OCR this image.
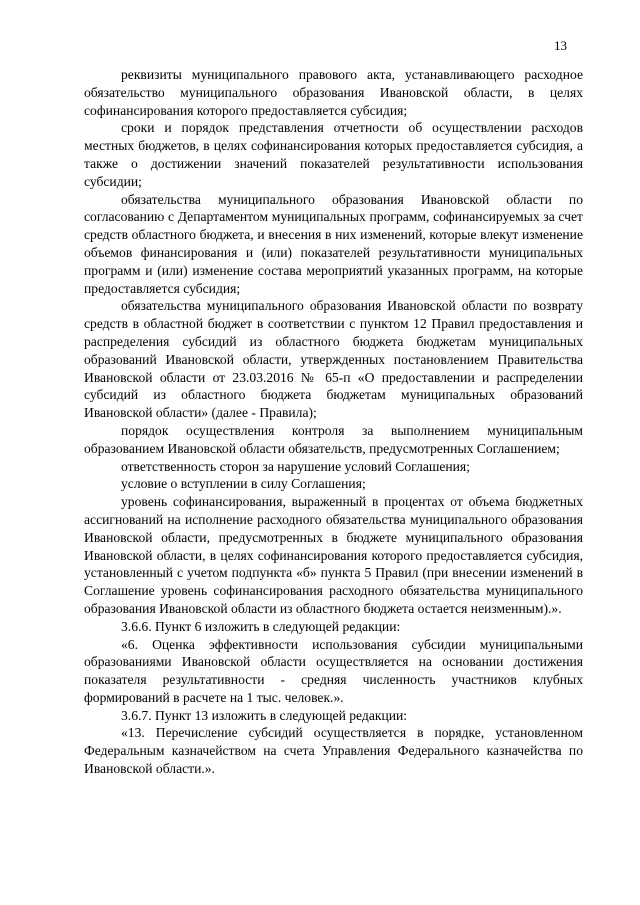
13

реквизиты муниципального правового акта, устанавливающего расходное обязательство муниципального образования Ивановской области, в целях софинансирования которого предоставляется субсидия;

сроки и порядок представления отчетности об осуществлении расходов местных бюджетов, в целях софинансирования которых предоставляется субсидия, а также о достижении значений показателей результативности использования субсидии;

обязательства муниципального образования Ивановской области по согласованию с Департаментом муниципальных программ, софинансируемых за счет средств областного бюджета, и внесения в них изменений, которые влекут изменение объемов финансирования и (или) показателей результативности муниципальных программ и (или) изменение состава мероприятий указанных программ, на которые предоставляется субсидия;

обязательства муниципального образования Ивановской области по возврату средств в областной бюджет в соответствии с пунктом 12 Правил предоставления и распределения субсидий из областного бюджета бюджетам муниципальных образований Ивановской области, утвержденных постановлением Правительства Ивановской области от 23.03.2016 № 65-п «О предоставлении и распределении субсидий из областного бюджета бюджетам муниципальных образований Ивановской области» (далее - Правила);

порядок осуществления контроля за выполнением муниципальным образованием Ивановской области обязательств, предусмотренных Соглашением;

ответственность сторон за нарушение условий Соглашения;

условие о вступлении в силу Соглашения;

уровень софинансирования, выраженный в процентах от объема бюджетных ассигнований на исполнение расходного обязательства муниципального образования Ивановской области, предусмотренных в бюджете муниципального образования Ивановской области, в целях софинансирования которого предоставляется субсидия, установленный с учетом подпункта «б» пункта 5 Правил (при внесении изменений в Соглашение уровень софинансирования расходного обязательства муниципального образования Ивановской области из областного бюджета остается неизменным).».

3.6.6. Пункт 6 изложить в следующей редакции:

«6. Оценка эффективности использования субсидии муниципальными образованиями Ивановской области осуществляется на основании достижения показателя результативности - средняя численность участников клубных формирований в расчете на 1 тыс. человек.».

3.6.7. Пункт 13 изложить в следующей редакции:

«13. Перечисление субсидий осуществляется в порядке, установленном Федеральным казначейством на счета Управления Федерального казначейства по Ивановской области.».
